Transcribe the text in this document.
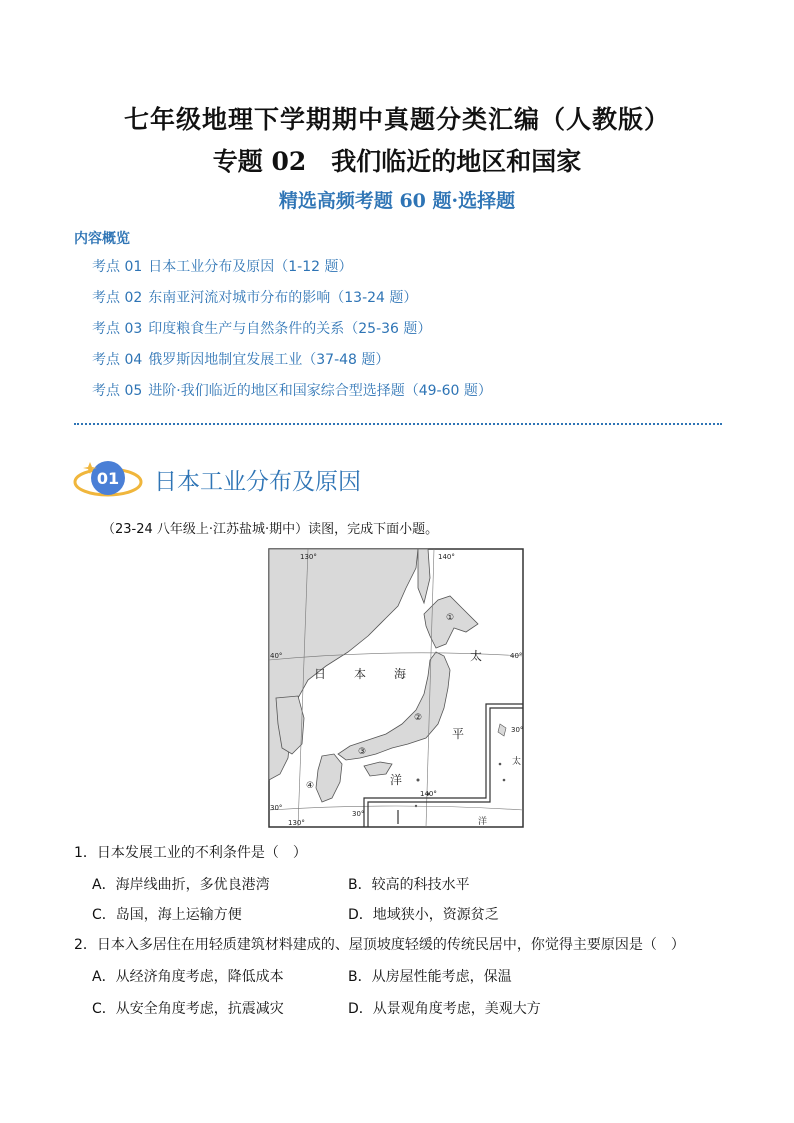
七年级地理下学期期中真题分类汇编（人教版）
专题 02　我们临近的地区和国家
精选高频考题 60 题·选择题
内容概览
考点 01 日本工业分布及原因（1-12 题）
考点 02 东南亚河流对城市分布的影响（13-24 题）
考点 03 印度粮食生产与自然条件的关系（25-36 题）
考点 04 俄罗斯因地制宜发展工业（37-48 题）
考点 05 进阶·我们临近的地区和国家综合型选择题（49-60 题）
01 日本工业分布及原因
（23-24 八年级上·江苏盐城·期中）读图，完成下面小题。
130°	140°
40°	40°
30°
30°
130°
140°
30°
日 本 海
太
平
洋
太
洋
①
②
③
④
1．日本发展工业的不利条件是（　）
A．海岸线曲折，多优良港湾	B．较高的科技水平
C．岛国，海上运输方便	D．地域狭小，资源贫乏
2．日本入多居住在用轻质建筑材料建成的、屋顶坡度轻缓的传统民居中，你觉得主要原因是（　）
A．从经济角度考虑，降低成本	B．从房屋性能考虑，保温
C．从安全角度考虑，抗震减灾	D．从景观角度考虑，美观大方
